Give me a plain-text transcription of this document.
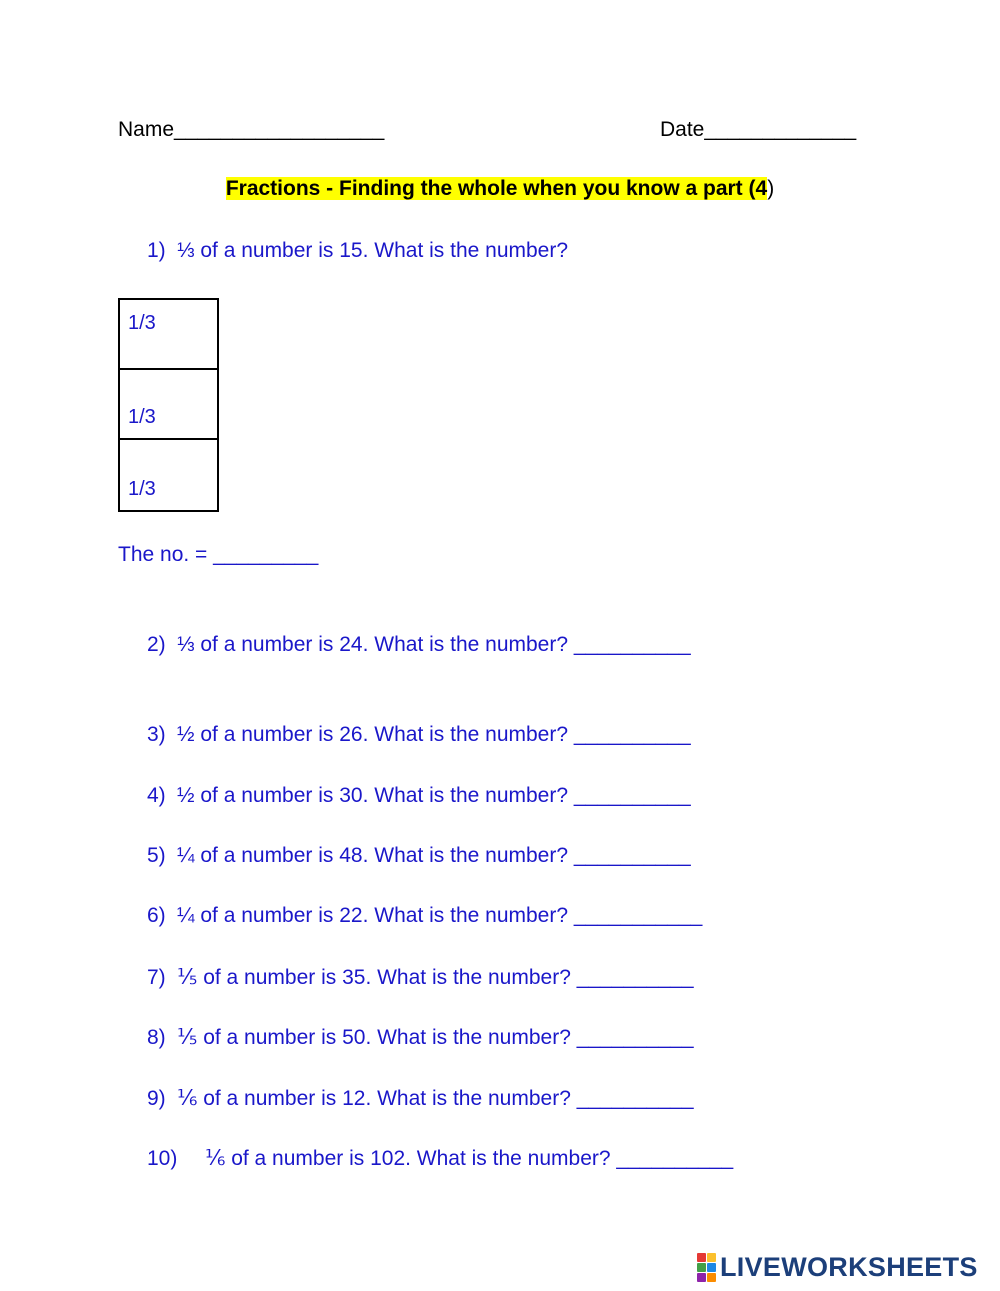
Name__________________	Date_____________
Fractions - Finding the whole when you know a part (4)
1) ⅓ of a number is 15. What is the number?
1/3
1/3
1/3
The no. = _________
2) ⅓ of a number is 24. What is the number? __________
3) ½ of a number is 26. What is the number? __________
4) ½ of a number is 30. What is the number? __________
5) ¼ of a number is 48. What is the number? __________
6) ¼ of a number is 22. What is the number? ___________
7) ⅕ of a number is 35. What is the number? __________
8) ⅕ of a number is 50. What is the number? __________
9) ⅙ of a number is 12. What is the number? __________
10) ⅙ of a number is 102. What is the number? __________
LIVEWORKSHEETS
